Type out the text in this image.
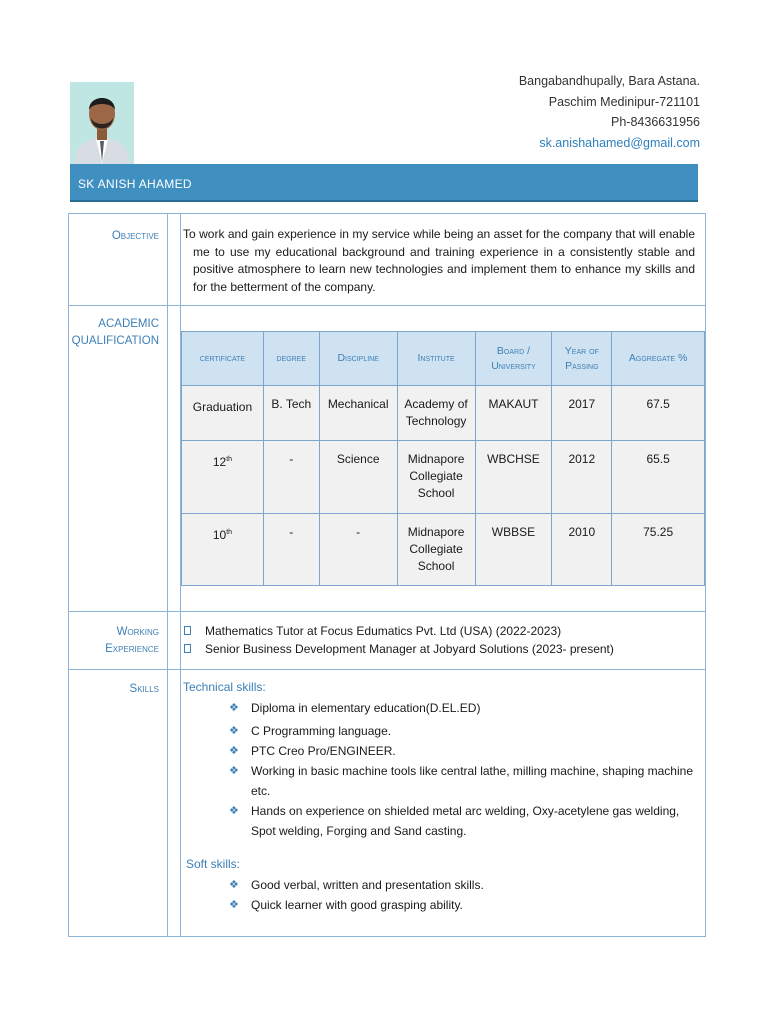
Bangabandhupally, Bara Astana.
Paschim Medinipur-721101
Ph-8436631956
sk.anishahamed@gmail.com
SK ANISH AHAMED
Objective To work and gain experience in my service while being an asset for the company that will enable me to use my educational background and training experience in a consistently stable and positive atmosphere to learn new technologies and implement them to enhance my skills and for the betterment of the company.
ACADEMIC
QUALIFICATION
certificate	degree	Discipline	Institute	Board / University	Year of Passing	Aggregate %
Graduation	B. Tech	Mechanical	Academy of Technology	MAKAUT	2017	67.5
12th	-	Science	Midnapore Collegiate School	WBCHSE	2012	65.5
10th	-	-	Midnapore Collegiate School	WBBSE	2010	75.25
Working
Experience
Mathematics Tutor at Focus Edumatics Pvt. Ltd (USA) (2022-2023)
Senior Business Development Manager at Jobyard Solutions (2023- present)
Skills Technical skills:
❖ Diploma in elementary education(D.EL.ED)
❖ C Programming language.
❖ PTC Creo Pro/ENGINEER.
❖ Working in basic machine tools like central lathe, milling machine, shaping machine etc.
❖ Hands on experience on shielded metal arc welding, Oxy-acetylene gas welding, Spot welding, Forging and Sand casting.
Soft skills:
❖ Good verbal, written and presentation skills.
❖ Quick learner with good grasping ability.
